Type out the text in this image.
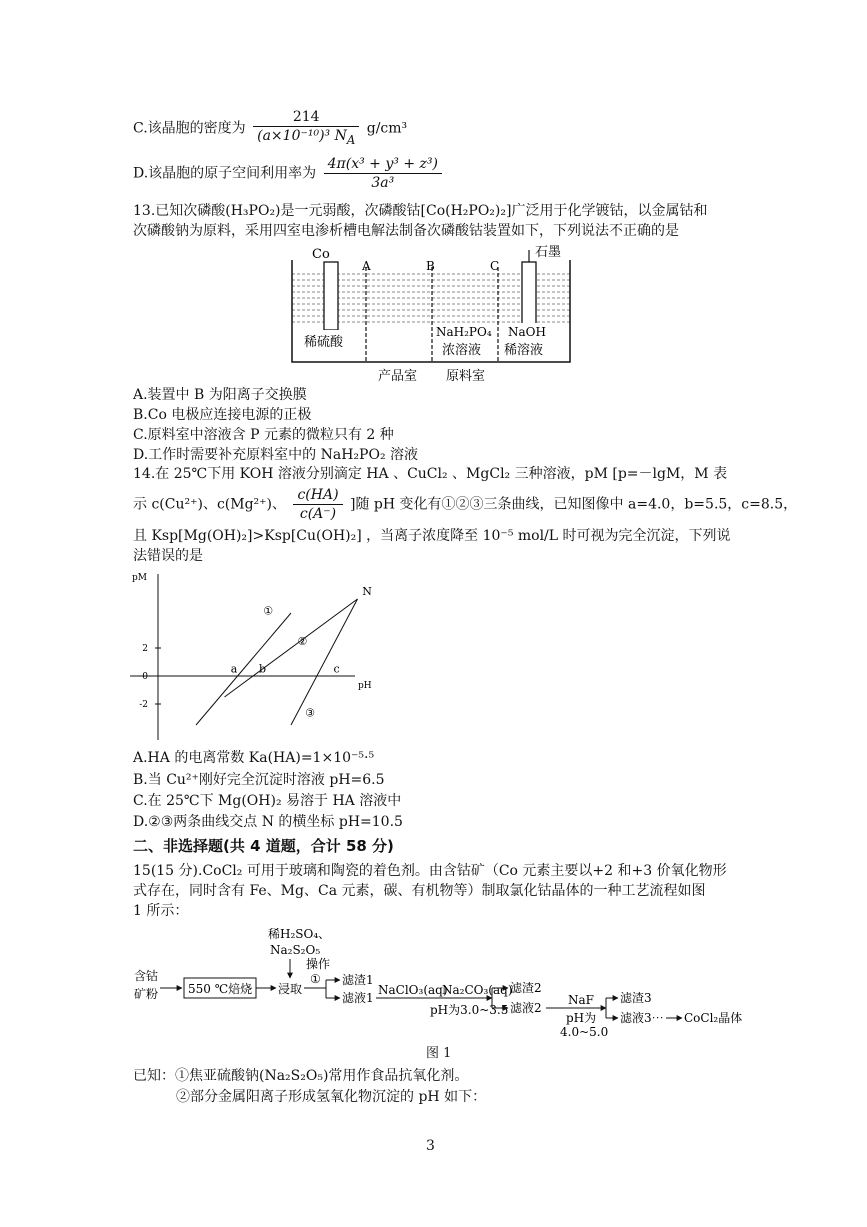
C.该晶胞的密度为 $\frac{214}{(a\times 10^{-10})^3 N_A} g/cm^3$
D.该晶胞的原子空间利用率为 $\frac{\text{4π(x³ + y³ + z³)}}{\text{3a³}}$
13.已知次磷酸(H₃PO₂)是一元弱酸，次磷酸钴[Co(H₂PO₂)₂]广泛用于化学镀钴，以金属钴和
次磷酸钠为原料，采用四室电渗析槽电解法制备次磷酸钴装置如下，下列说法不正确的是
Co	石墨
A	B	C
稀硫酸
NaH₂PO₄
浓溶液
NaOH
稀溶液
产品室 原料室
A.装置中 B 为阳离子交换膜
B.Co 电极应连接电源的正极
C.原料室中溶液含 P 元素的微粒只有 2 种
D.工作时需要补充原料室中的 NaH₂PO₂ 溶液
14.在 25℃下用 KOH 溶液分别滴定 HA 、CuCl₂ 、MgCl₂ 三种溶液，pM [p=－lgM，M 表
示 c(Cu²⁺)、c(Mg²⁺)、 $\frac{c(HA)}{c(A^-)}$ ]随 pH 变化有①②③三条曲线，已知图像中 a=4.0，b=5.5，c=8.5，
且 Ksp[Mg(OH)₂]>Ksp[Cu(OH)₂] ，当离子浓度降至 10⁻⁵ mol/L 时可视为完全沉淀，下列说
法错误的是
pM
pH
2
0
-2
①
②
③
a b	c
N
A.HA 的电离常数 Ka(HA)=1×10⁻⁵·⁵
B.当 Cu²⁺刚好完全沉淀时溶液 pH=6.5
C.在 25℃下 Mg(OH)₂ 易溶于 HA 溶液中
D.②③两条曲线交点 N 的横坐标 pH=10.5
二、非选择题(共 4 道题，合计 58 分)
15(15 分).CoCl₂ 可用于玻璃和陶瓷的着色剂。由含钴矿（Co 元素主要以+2 和+3 价氧化物形
式存在，同时含有 Fe、Mg、Ca 元素，碳、有机物等）制取氯化钴晶体的一种工艺流程如图
1 所示：
稀H₂SO₄、
Na₂S₂O₅
含钴
矿粉 550 ℃焙烧 浸取
操作
① 滤渣1
滤液1
NaClO₃(aq)
Na₂CO₃(aq)
pH为3.0~3.5
滤渣2
滤液2
NaF
pH为
4.0~5.0
滤渣3
滤液3⋯ CoCl₂晶体
图 1
已知：①焦亚硫酸钠(Na₂S₂O₅)常用作食品抗氧化剂。
②部分金属阳离子形成氢氧化物沉淀的 pH 如下：
3
